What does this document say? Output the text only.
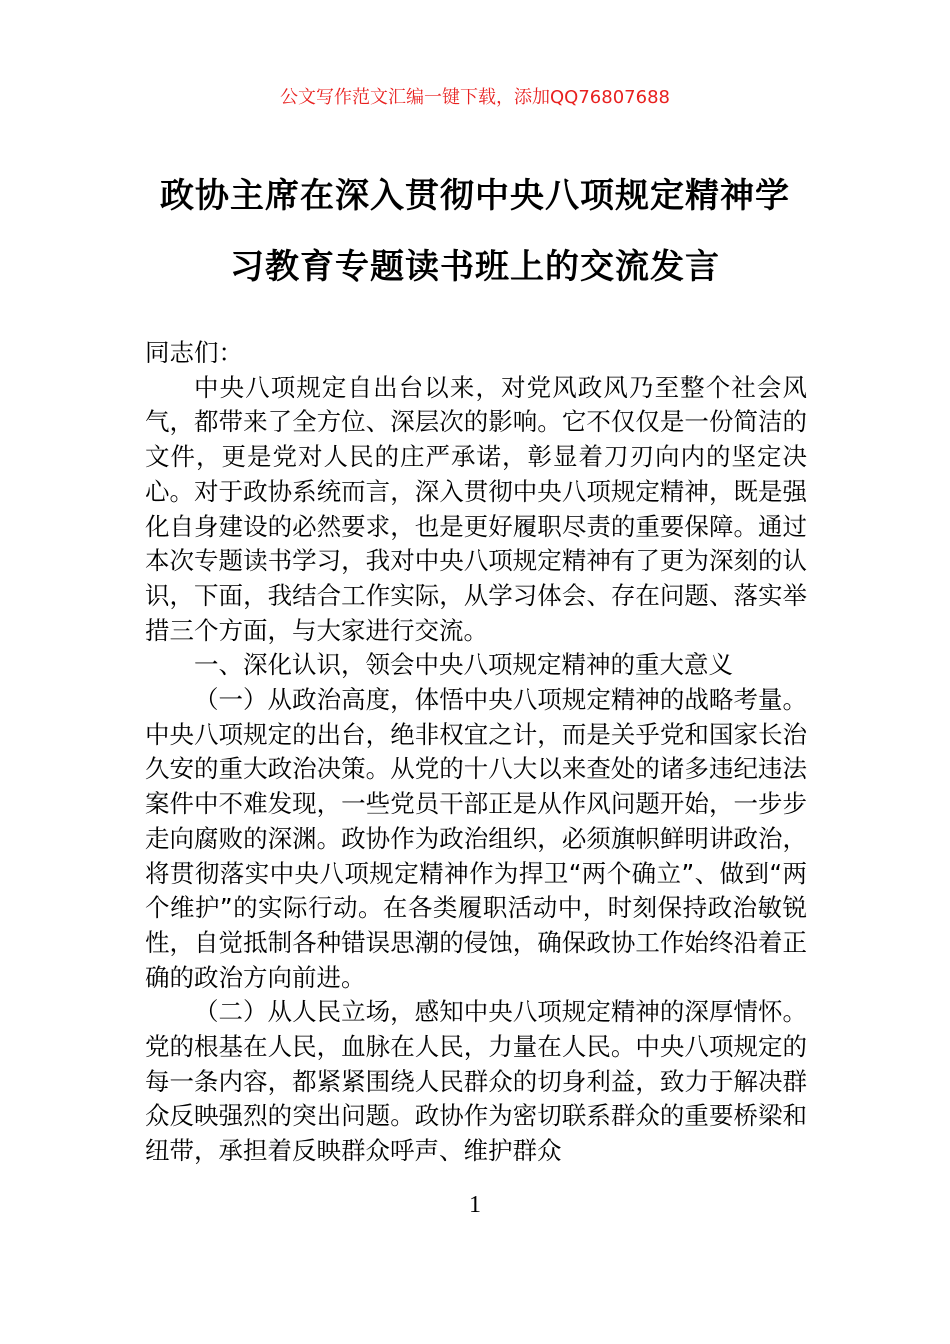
公文写作范文汇编一键下载，添加QQ76807688
政协主席在深入贯彻中央八项规定精神学
习教育专题读书班上的交流发言

同志们：

中央八项规定自出台以来，对党风政风乃至整个社会风气，都带来了全方位、深层次的影响。它不仅仅是一份简洁的文件，更是党对人民的庄严承诺，彰显着刀刃向内的坚定决心。对于政协系统而言，深入贯彻中央八项规定精神，既是强化自身建设的必然要求，也是更好履职尽责的重要保障。通过本次专题读书学习，我对中央八项规定精神有了更为深刻的认识，下面，我结合工作实际，从学习体会、存在问题、落实举措三个方面，与大家进行交流。

一、深化认识，领会中央八项规定精神的重大意义

（一）从政治高度，体悟中央八项规定精神的战略考量。中央八项规定的出台，绝非权宜之计，而是关乎党和国家长治久安的重大政治决策。从党的十八大以来查处的诸多违纪违法案件中不难发现，一些党员干部正是从作风问题开始，一步步走向腐败的深渊。政协作为政治组织，必须旗帜鲜明讲政治，将贯彻落实中央八项规定精神作为捍卫“两个确立”、做到“两个维护”的实际行动。在各类履职活动中，时刻保持政治敏锐性，自觉抵制各种错误思潮的侵蚀，确保政协工作始终沿着正确的政治方向前进。

（二）从人民立场，感知中央八项规定精神的深厚情怀。党的根基在人民，血脉在人民，力量在人民。中央八项规定的每一条内容，都紧紧围绕人民群众的切身利益，致力于解决群众反映强烈的突出问题。政协作为密切联系群众的重要桥梁和纽带，承担着反映群众呼声、维护群众

1
